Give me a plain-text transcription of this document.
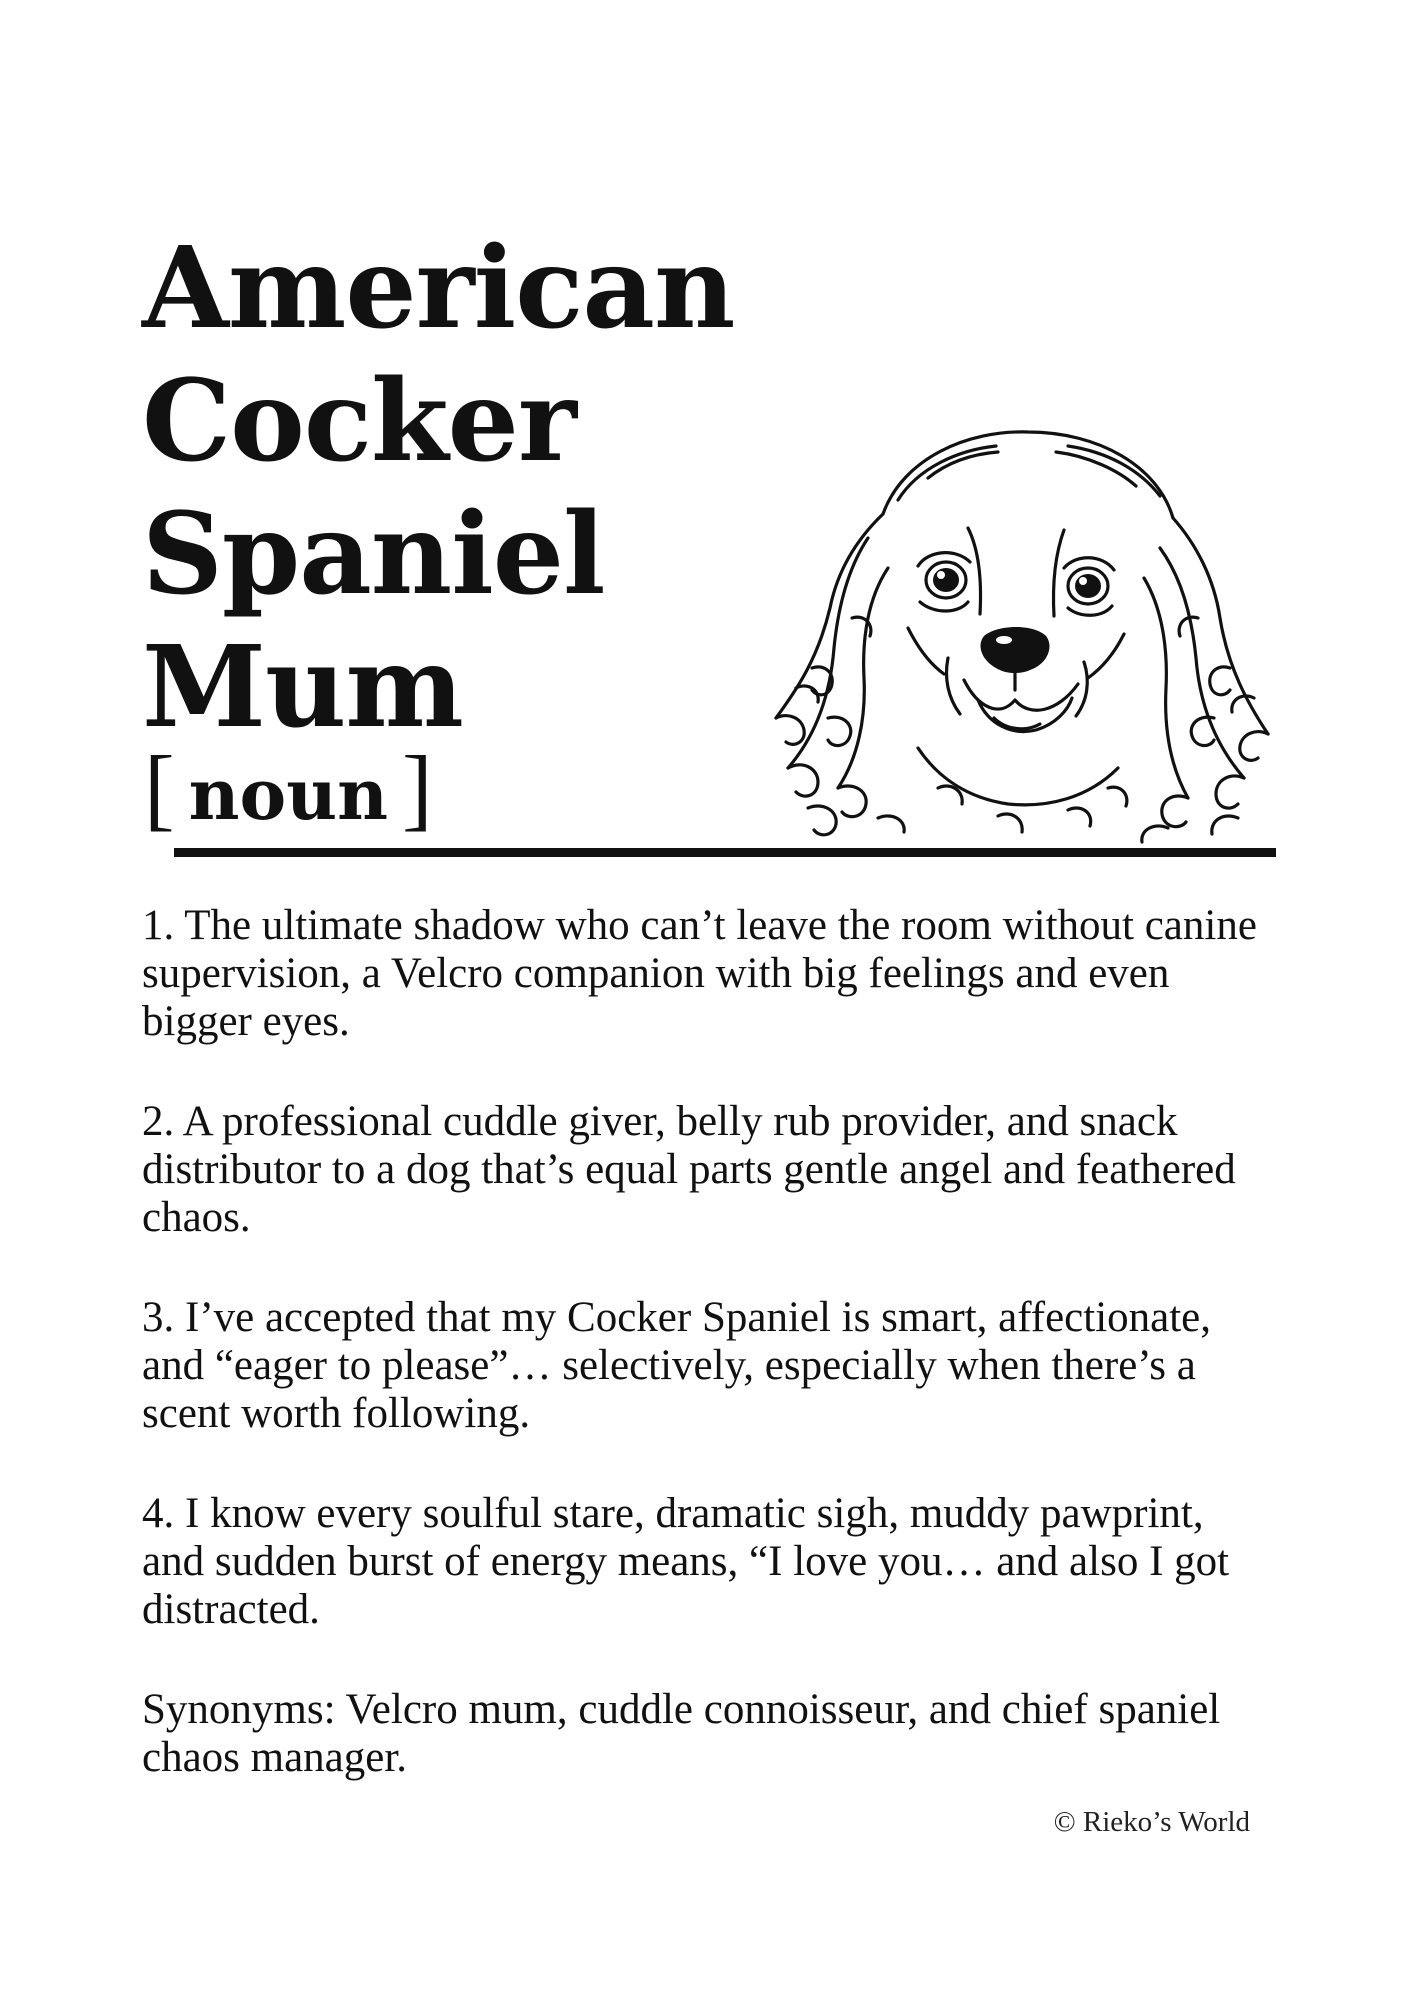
American
Cocker
Spaniel
Mum
[ noun ]

1. The ultimate shadow who can’t leave the room without canine supervision, a Velcro companion with big feelings and even bigger eyes.

2. A professional cuddle giver, belly rub provider, and snack distributor to a dog that’s equal parts gentle angel and feathered chaos.

3. I’ve accepted that my Cocker Spaniel is smart, affectionate, and “eager to please”… selectively, especially when there’s a scent worth following.

4. I know every soulful stare, dramatic sigh, muddy pawprint, and sudden burst of energy means, “I love you… and also I got distracted.

Synonyms: Velcro mum, cuddle connoisseur, and chief spaniel chaos manager.

© Rieko’s World
